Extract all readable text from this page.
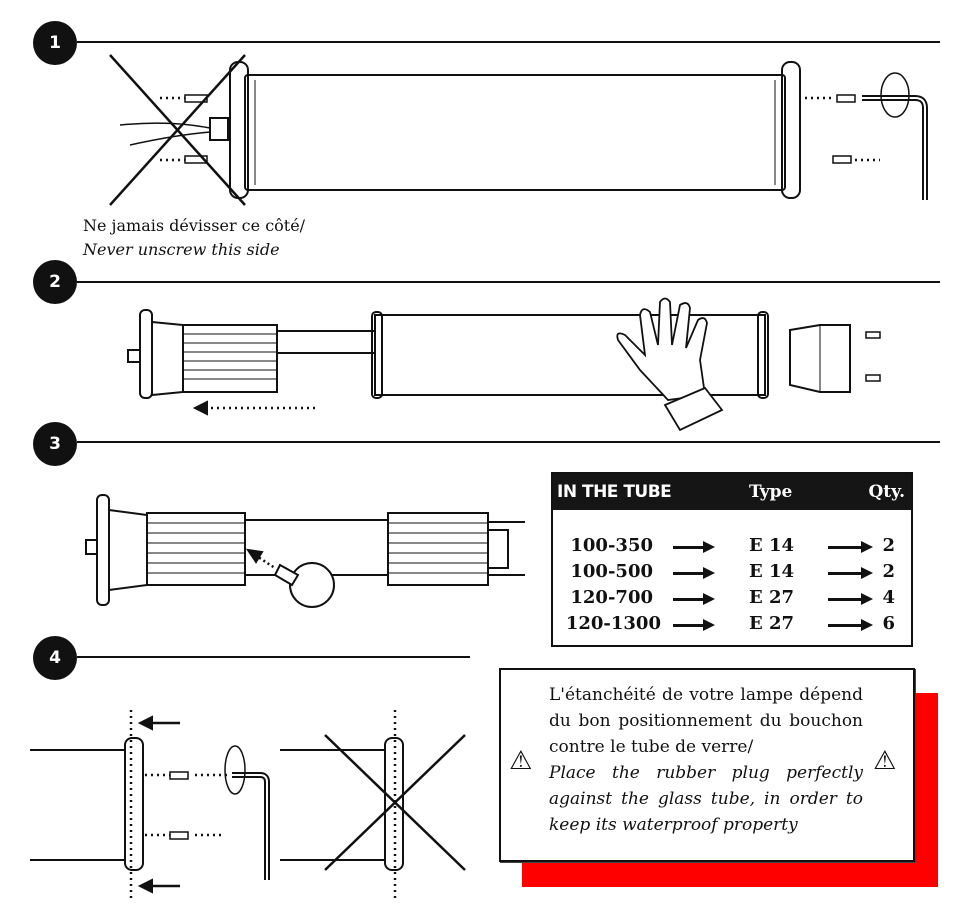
1
2
3
4
Ne jamais dévisser ce côté/
Never unscrew this side
IN THE TUBE	Type	Qty.
100-350	E 14	2
100-500	E 14	2
120-700	E 27	4
120-1300	E 27	6
⚠
L'étanchéité de votre lampe dépend du bon positionnement du bouchon contre le tube de verre/
Place the rubber plug perfectly against the glass tube, in order to keep its waterproof property
⚠
